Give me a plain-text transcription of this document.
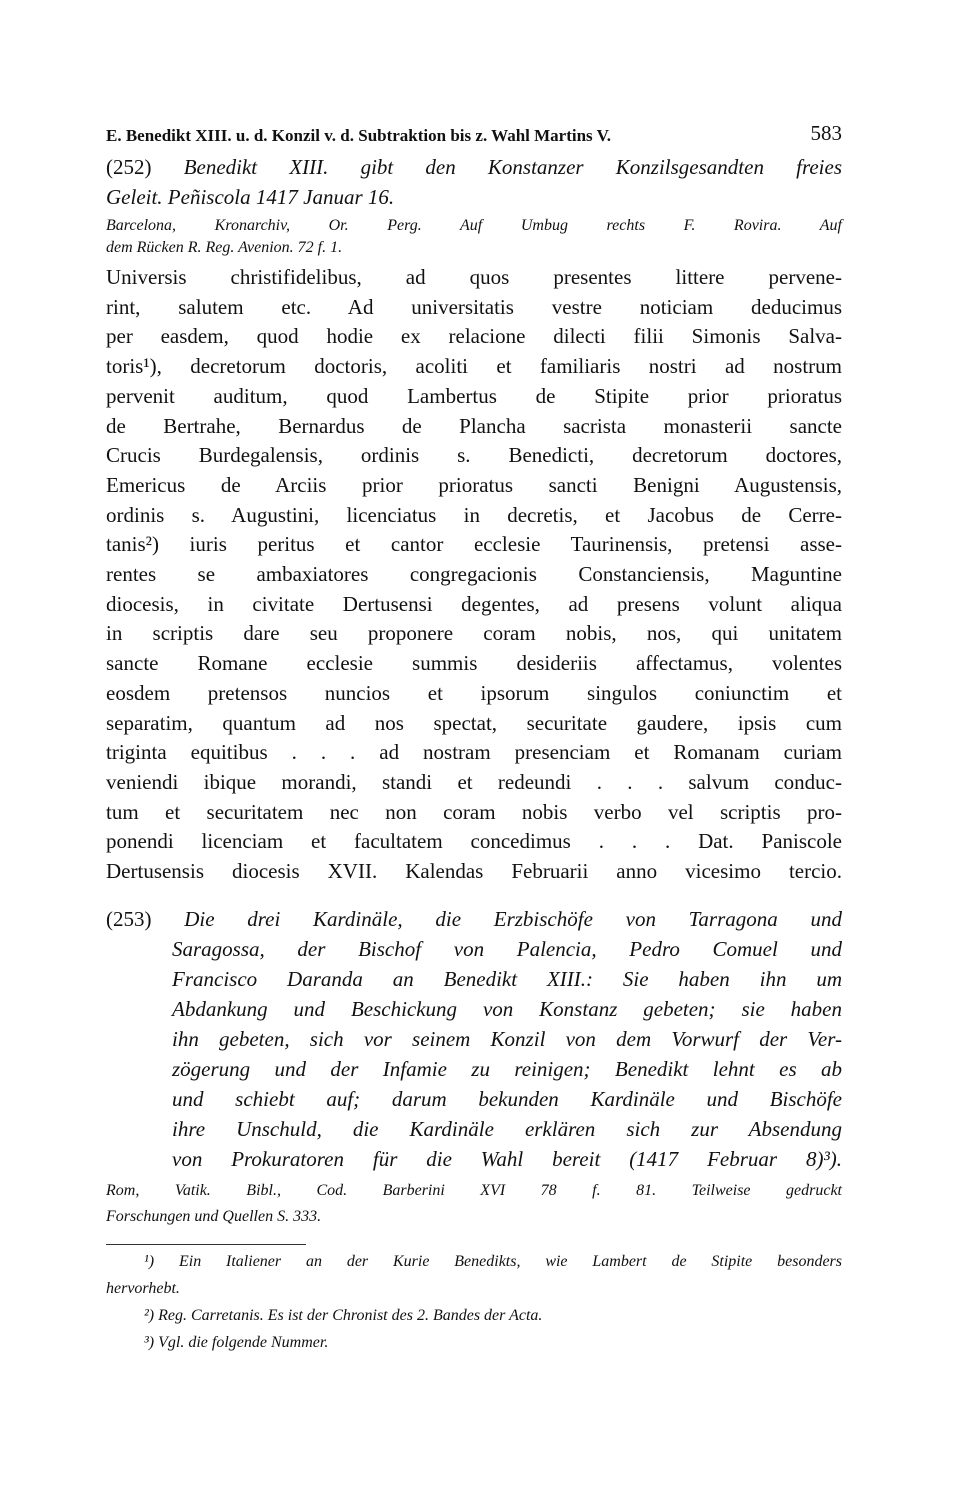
E. Benedikt XIII. u. d. Konzil v. d. Subtraktion bis z. Wahl Martins V.	583
(252) Benedikt XIII. gibt den Konstanzer Konzilsgesandten freies
Geleit. Peñiscola 1417 Januar 16.
Barcelona, Kronarchiv, Or. Perg. Auf Umbug rechts F. Rovira. Auf
dem Rücken R. Reg. Avenion. 72 f. 1.
Universis christifidelibus, ad quos presentes littere pervene-
rint, salutem etc. Ad universitatis vestre noticiam deducimus
per easdem, quod hodie ex relacione dilecti filii Simonis Salva-
toris¹), decretorum doctoris, acoliti et familiaris nostri ad nostrum
pervenit auditum, quod Lambertus de Stipite prior prioratus
de Bertrahe, Bernardus de Plancha sacrista monasterii sancte
Crucis Burdegalensis, ordinis s. Benedicti, decretorum doctores,
Emericus de Arciis prior prioratus sancti Benigni Augustensis,
ordinis s. Augustini, licenciatus in decretis, et Jacobus de Cerre-
tanis²) iuris peritus et cantor ecclesie Taurinensis, pretensi asse-
rentes se ambaxiatores congregacionis Constanciensis, Maguntine
diocesis, in civitate Dertusensi degentes, ad presens volunt aliqua
in scriptis dare seu proponere coram nobis, nos, qui unitatem
sancte Romane ecclesie summis desideriis affectamus, volentes
eosdem pretensos nuncios et ipsorum singulos coniunctim et
separatim, quantum ad nos spectat, securitate gaudere, ipsis cum
triginta equitibus . . . ad nostram presenciam et Romanam curiam
veniendi ibique morandi, standi et redeundi . . . salvum conduc-
tum et securitatem nec non coram nobis verbo vel scriptis pro-
ponendi licenciam et facultatem concedimus . . . Dat. Paniscole
Dertusensis diocesis XVII. Kalendas Februarii anno vicesimo tercio.
(253) Die drei Kardinäle, die Erzbischöfe von Tarragona und
Saragossa, der Bischof von Palencia, Pedro Comuel und
Francisco Daranda an Benedikt XIII.: Sie haben ihn um
Abdankung und Beschickung von Konstanz gebeten; sie haben
ihn gebeten, sich vor seinem Konzil von dem Vorwurf der Ver-
zögerung und der Infamie zu reinigen; Benedikt lehnt es ab
und schiebt auf; darum bekunden Kardinäle und Bischöfe
ihre Unschuld, die Kardinäle erklären sich zur Absendung
von Prokuratoren für die Wahl bereit (1417 Februar 8)³).
Rom, Vatik. Bibl., Cod. Barberini XVI 78 f. 81. Teilweise gedruckt
Forschungen und Quellen S. 333.
¹) Ein Italiener an der Kurie Benedikts, wie Lambert de Stipite besonders
hervorhebt.
²) Reg. Carretanis. Es ist der Chronist des 2. Bandes der Acta.
³) Vgl. die folgende Nummer.
